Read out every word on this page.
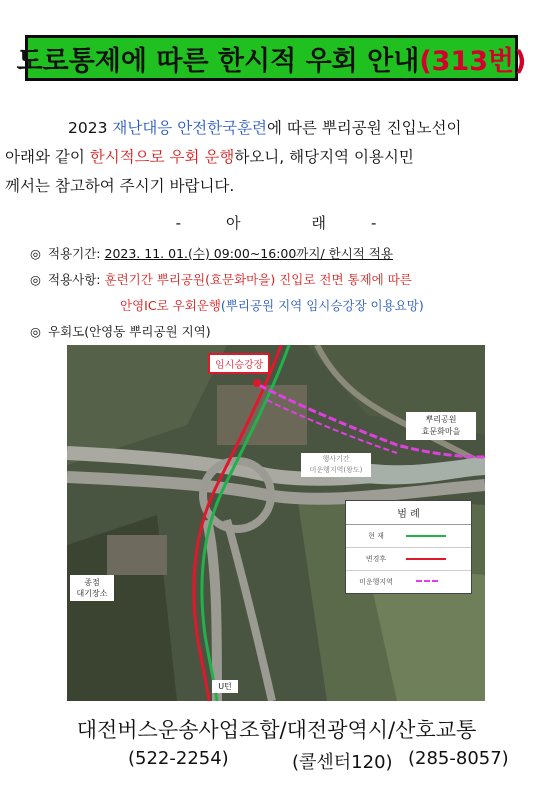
도로통제에 따른 한시적 우회 안내 (313번)

2023 재난대응 안전한국훈련에 따른 뿌리공원 진입노선이

아래와 같이 한시적으로 우회 운행하오니, 해당지역 이용시민

께서는 참고하여 주시기 바랍니다.

-	아	래	-
◎ 적용기간: 2023. 11. 01.(수) 09:00~16:00까지/ 한시적 적용
◎ 적용사항: 훈련기간 뿌리공원(효문화마을) 진입로 전면 통제에 따른
안영IC로 우회운행(뿌리공원 지역 임시승강장 이용요망)
◎ 우회도(안영동 뿌리공원 지역)
임시승강장
뿌리공원
효문화마을
행사기간
미운행지역(왕도)
종점
대기장소
U턴
범 례
현 재
변경후
미운행지역
대전버스운송사업조합/대전광역시/산호교통
(522-2254)	(콜센터120) (285-8057)
